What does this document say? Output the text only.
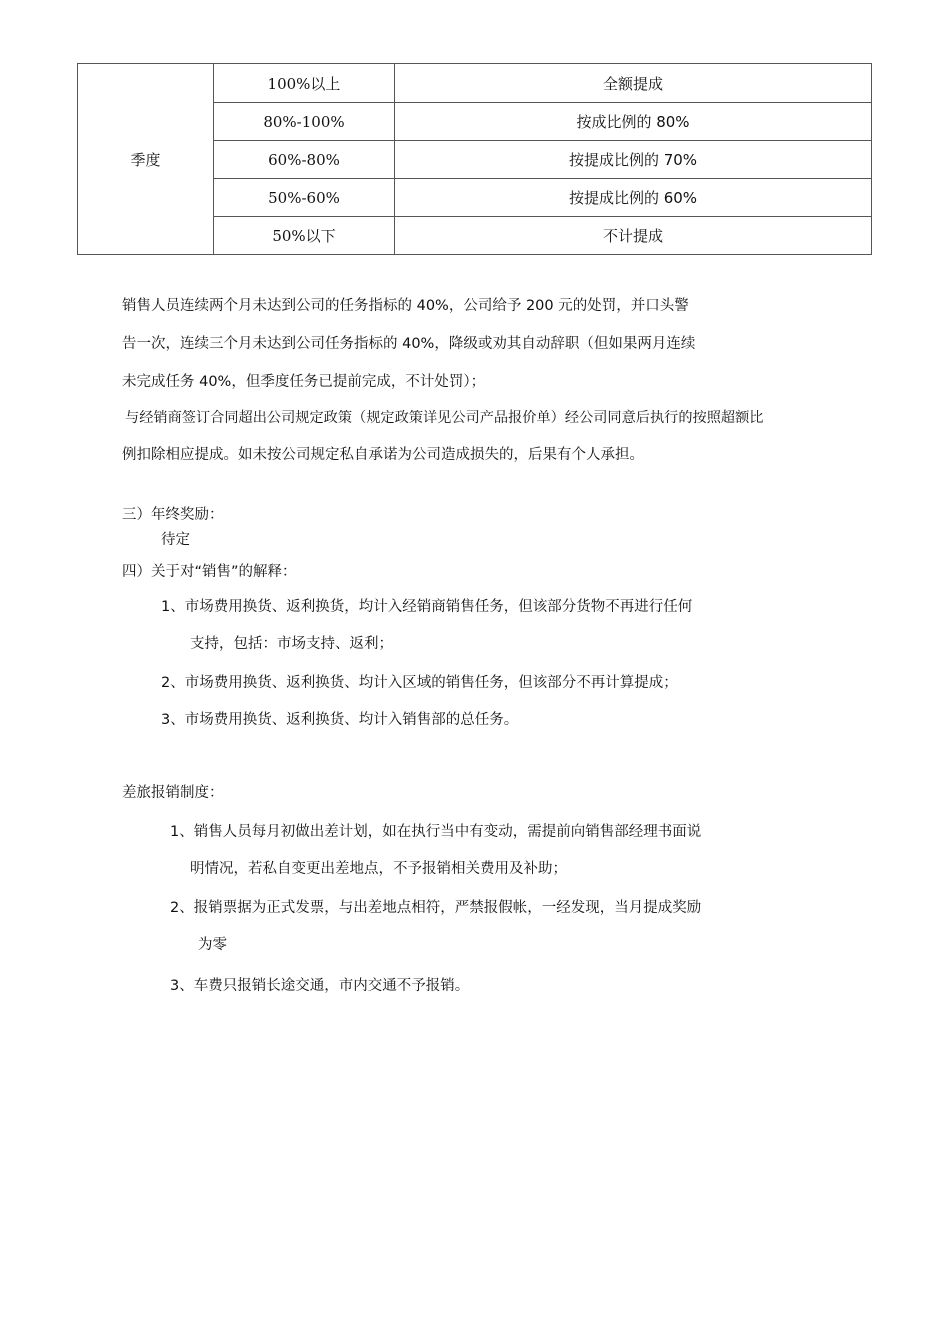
季度	100%以上	全额提成
	80%-100%	按成比例的 80%
	60%-80%	按提成比例的 70%
	50%-60%	按提成比例的 60%
	50%以下	不计提成
销售人员连续两个月未达到公司的任务指标的 40%，公司给予 200 元的处罚，并口头警
告一次，连续三个月未达到公司任务指标的 40%，降级或劝其自动辞职（但如果两月连续
未完成任务 40%，但季度任务已提前完成，不计处罚）；
与经销商签订合同超出公司规定政策（规定政策详见公司产品报价单）经公司同意后执行的按照超额比
例扣除相应提成。如未按公司规定私自承诺为公司造成损失的，后果有个人承担。
三）年终奖励：
待定
四）关于对“销售”的解释：
1、市场费用换货、返利换货，均计入经销商销售任务，但该部分货物不再进行任何
支持，包括：市场支持、返利；
2、市场费用换货、返利换货、均计入区域的销售任务，但该部分不再计算提成；
3、市场费用换货、返利换货、均计入销售部的总任务。
差旅报销制度：
1、销售人员每月初做出差计划，如在执行当中有变动，需提前向销售部经理书面说
明情况，若私自变更出差地点，不予报销相关费用及补助；
2、报销票据为正式发票，与出差地点相符，严禁报假帐，一经发现，当月提成奖励
为零
3、车费只报销长途交通，市内交通不予报销。
